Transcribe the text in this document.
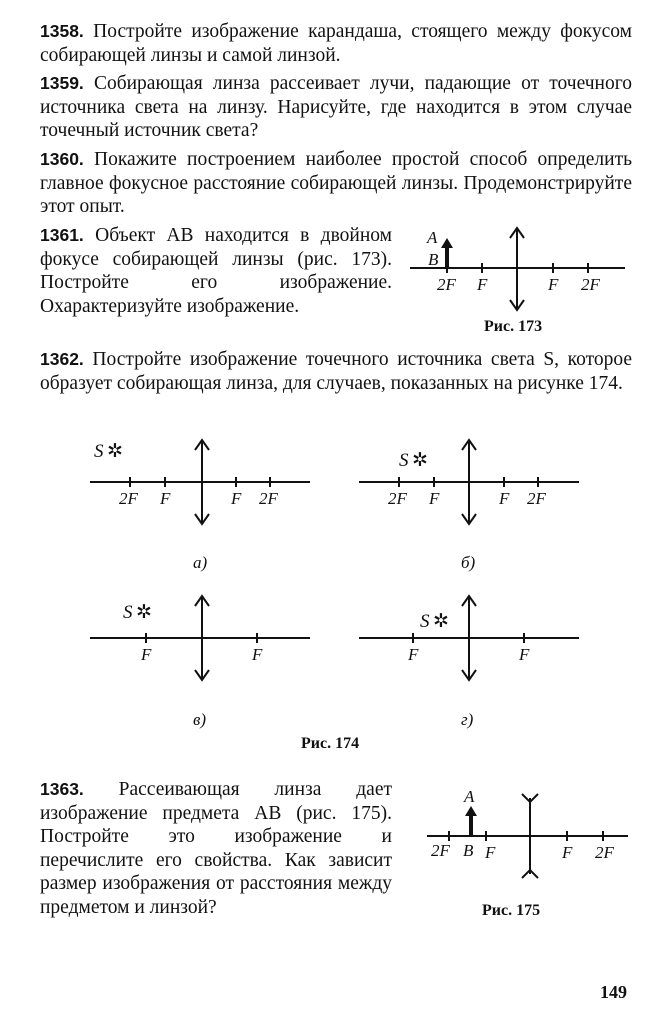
1358. Постройте изображение карандаша, стоящего между фокусом собирающей линзы и самой линзой.
1359. Собирающая линза рассеивает лучи, падающие от точечного источника света на линзу. Нарисуйте, где находится в этом случае точечный источник света?
1360. Покажите построением наиболее простой способ определить главное фокусное расстояние собирающей линзы. Продемонстрируйте этот опыт.
1361. Объект AB находится в двойном фокусе собирающей линзы (рис. 173). Постройте его изображение. Охарактеризуйте изображение.
A
B
2F F	F 2F
Рис. 173
1362. Постройте изображение точечного источника света S, которое образует собирающая линза, для случаев, показанных на рисунке 174.
S ✲
2F F	F 2F
а)
S ✲
2F F	F 2F
б)
S ✲
F	F
в)
S ✲
F	F
г)
Рис. 174
1363. Рассеивающая линза дает изображение предмета AB (рис. 175). Постройте это изображение и перечислите его свойства. Как зависит размер изображения от расстояния между предметом и линзой?
A
2F B F	F 2F
Рис. 175
149
